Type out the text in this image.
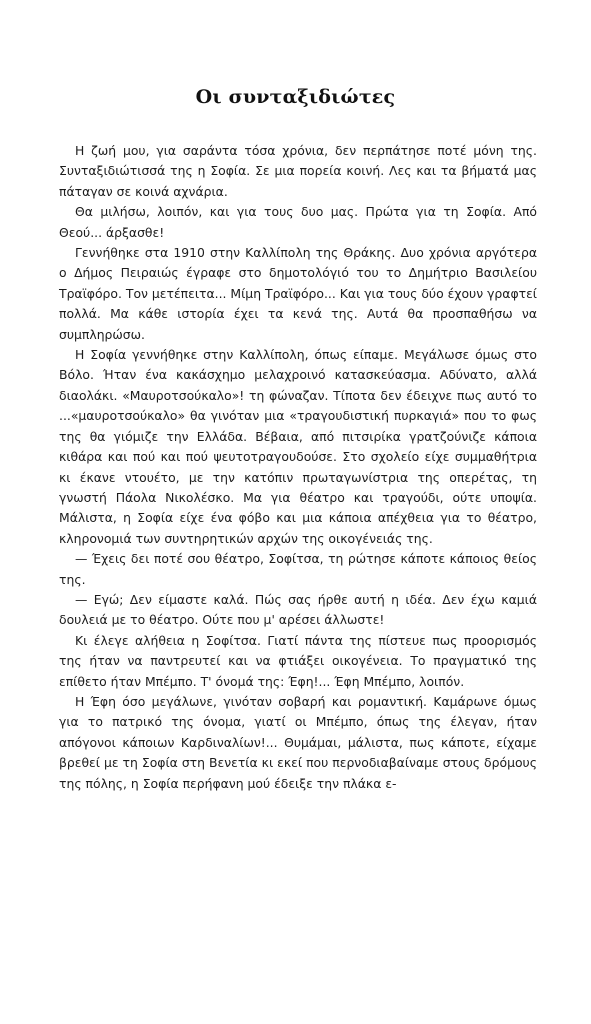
Οι συνταξιδιώτες

Η ζωή μου, για σαράντα τόσα χρόνια, δεν περπάτησε ποτέ μόνη της. Συνταξιδιώτισσά της η Σοφία. Σε μια πορεία κοινή. Λες και τα βήματά μας πάταγαν σε κοινά αχνάρια.

Θα μιλήσω, λοιπόν, και για τους δυο μας. Πρώτα για τη Σοφία. Από Θεού... άρξασθε!

Γεννήθηκε στα 1910 στην Καλλίπολη της Θράκης. Δυο χρόνια αργότερα ο Δήμος Πειραιώς έγραφε στο δημοτολόγιό του το Δημήτριο Βασιλείου Τραϊφόρο. Τον μετέπειτα... Μίμη Τραϊφόρο... Και για τους δύο έχουν γραφτεί πολλά. Μα κάθε ιστορία έχει τα κενά της. Αυτά θα προσπαθήσω να συμπληρώσω.

Η Σοφία γεννήθηκε στην Καλλίπολη, όπως είπαμε. Μεγάλωσε όμως στο Βόλο. Ήταν ένα κακάσχημο μελαχροινό κατασκεύασμα. Αδύνατο, αλλά διαολάκι. «Μαυροτσούκαλο»! τη φώναζαν. Τίποτα δεν έδειχνε πως αυτό το ...«μαυροτσούκαλο» θα γινόταν μια «τραγουδιστική πυρκαγιά» που το φως της θα γιόμιζε την Ελλάδα. Βέβαια, από πιτσιρίκα γρατζούνιζε κάποια κιθάρα και πού και πού ψευτοτραγουδούσε. Στο σχολείο είχε συμμαθήτρια κι έκανε ντουέτο, με την κατόπιν πρωταγωνίστρια της οπερέτας, τη γνωστή Πάολα Νικολέσκο. Μα για θέατρο και τραγούδι, ούτε υποψία. Μάλιστα, η Σοφία είχε ένα φόβο και μια κάποια απέχθεια για το θέατρο, κληρονομιά των συντηρητικών αρχών της οικογένειάς της.

— Έχεις δει ποτέ σου θέατρο, Σοφίτσα, τη ρώτησε κάποτε κάποιος θείος της.

— Εγώ; Δεν είμαστε καλά. Πώς σας ήρθε αυτή η ιδέα. Δεν έχω καμιά δουλειά με το θέατρο. Ούτε που μ' αρέσει άλλωστε!

Κι έλεγε αλήθεια η Σοφίτσα. Γιατί πάντα της πίστευε πως προορισμός της ήταν να παντρευτεί και να φτιάξει οικογένεια. Το πραγματικό της επίθετο ήταν Μπέμπο. Τ' όνομά της: Έφη!... Έφη Μπέμπο, λοιπόν.

Η Έφη όσο μεγάλωνε, γινόταν σοβαρή και ρομαντική. Καμάρωνε όμως για το πατρικό της όνομα, γιατί οι Μπέμπο, όπως της έλεγαν, ήταν απόγονοι κάποιων Καρδιναλίων!... Θυμάμαι, μάλιστα, πως κάποτε, είχαμε βρεθεί με τη Σοφία στη Βενετία κι εκεί που περνοδιαβαίναμε στους δρόμους της πόλης, η Σοφία περήφανη μού έδειξε την πλάκα ε-
